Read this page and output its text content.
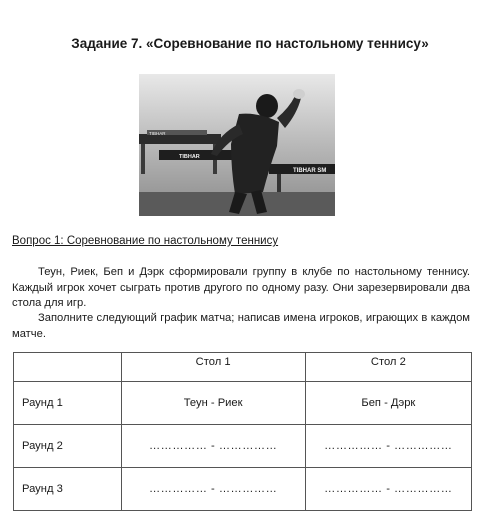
Задание 7. «Соревнование по настольному теннису»
TIBHAR
TIBHAR
TIBHAR SM
Вопрос 1: Соревнование по настольному теннису
Теун, Риек, Беп и Дэрк сформировали группу в клубе по настольному теннису. Каждый игрок хочет сыграть против другого по одному разу. Они зарезервировали два стола для игр.
Заполните следующий график матча; написав имена игроков, играющих в каждом матче.
	Стол 1	Стол 2
Раунд 1	Теун - Риек	Беп - Дэрк
Раунд 2	…………… - ……………	…………… - ……………
Раунд 3	…………… - ……………	…………… - ……………
